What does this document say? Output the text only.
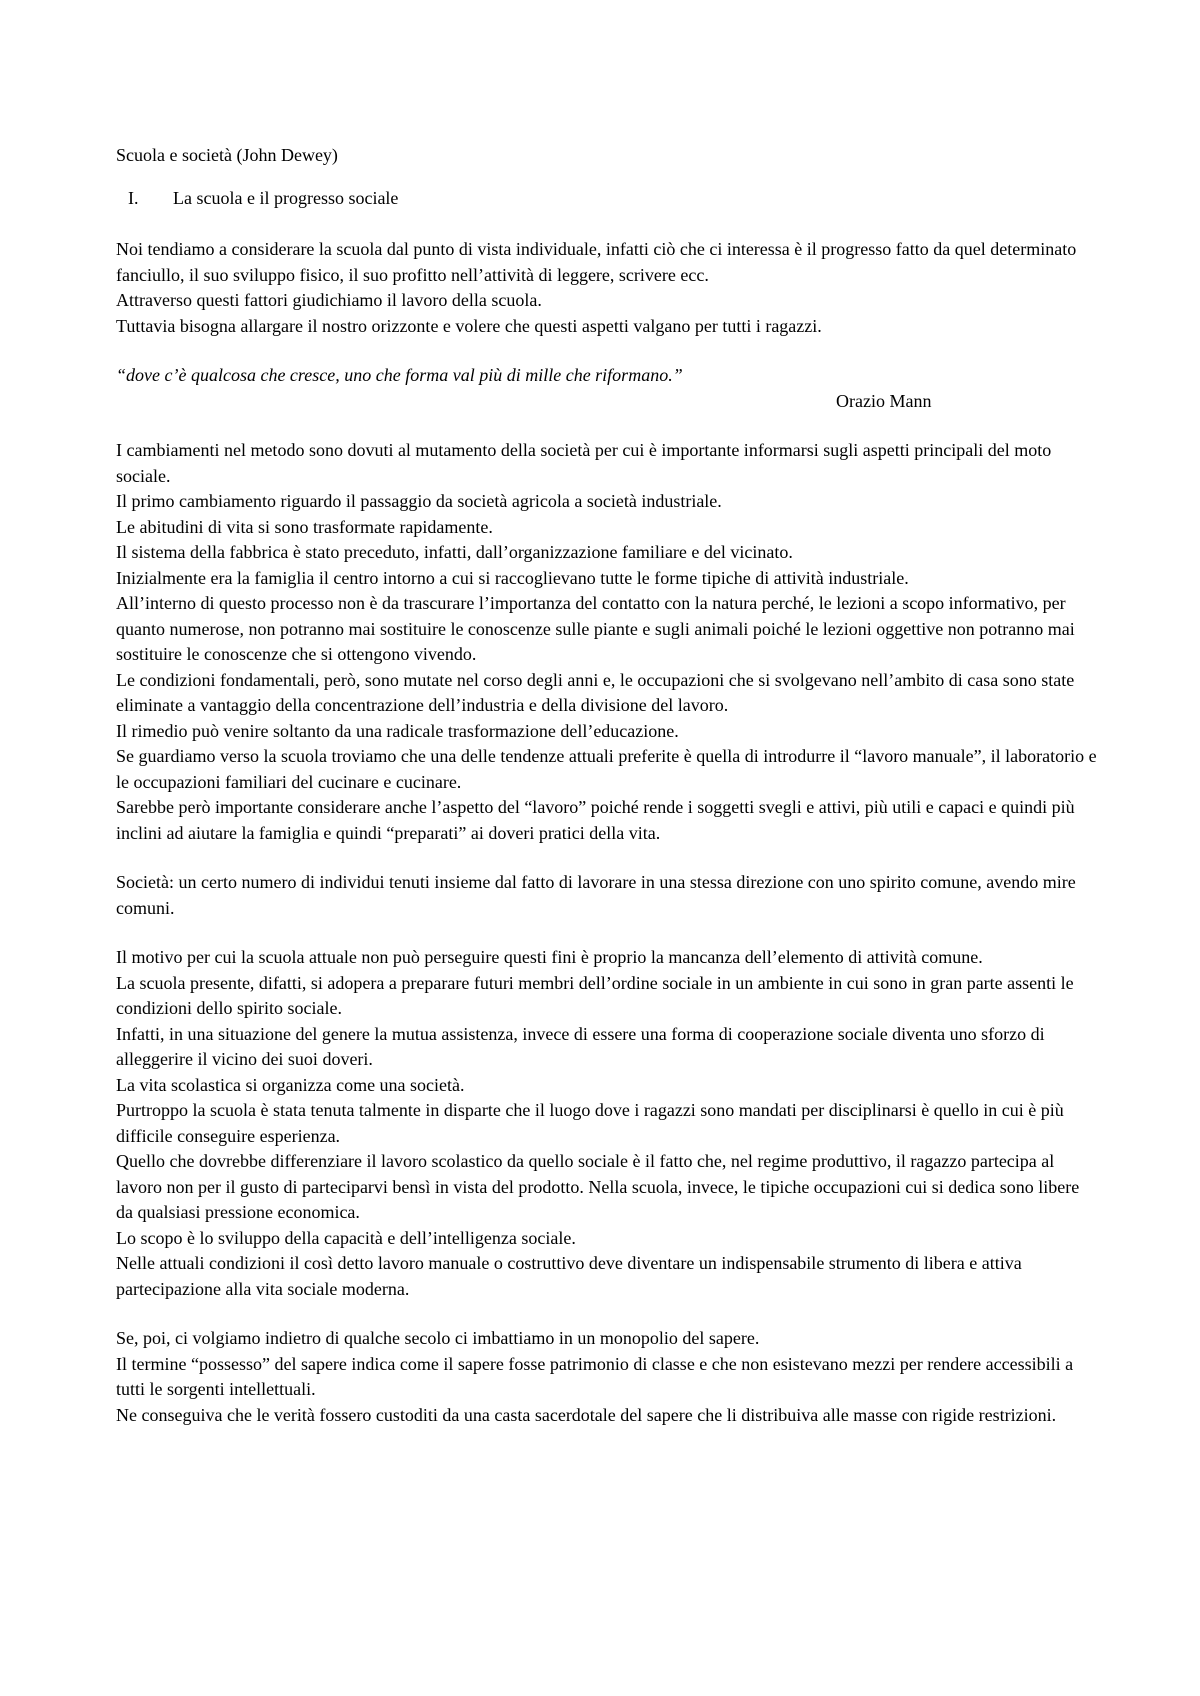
Scuola e società (John Dewey)

I.	La scuola e il progresso sociale

Noi tendiamo a considerare la scuola dal punto di vista individuale, infatti ciò che ci interessa è il progresso fatto da quel determinato fanciullo, il suo sviluppo fisico, il suo profitto nell’attività di leggere, scrivere ecc.

Attraverso questi fattori giudichiamo il lavoro della scuola.

Tuttavia bisogna allargare il nostro orizzonte e volere che questi aspetti valgano per tutti i ragazzi.

“dove c’è qualcosa che cresce, uno che forma val più di mille che riformano.”

Orazio Mann

I cambiamenti nel metodo sono dovuti al mutamento della società per cui è importante informarsi sugli aspetti principali del moto sociale.

Il primo cambiamento riguardo il passaggio da società agricola a società industriale.

Le abitudini di vita si sono trasformate rapidamente.

Il sistema della fabbrica è stato preceduto, infatti, dall’organizzazione familiare e del vicinato.

Inizialmente era la famiglia il centro intorno a cui si raccoglievano tutte le forme tipiche di attività industriale.

All’interno di questo processo non è da trascurare l’importanza del contatto con la natura perché, le lezioni a scopo informativo, per quanto numerose, non potranno mai sostituire le conoscenze sulle piante e sugli animali poiché le lezioni oggettive non potranno mai sostituire le conoscenze che si ottengono vivendo.

Le condizioni fondamentali, però, sono mutate nel corso degli anni e, le occupazioni che si svolgevano nell’ambito di casa sono state eliminate a vantaggio della concentrazione dell’industria e della divisione del lavoro.

Il rimedio può venire soltanto da una radicale trasformazione dell’educazione.

Se guardiamo verso la scuola troviamo che una delle tendenze attuali preferite è quella di introdurre il “lavoro manuale”, il laboratorio e le occupazioni familiari del cucinare e cucinare.

Sarebbe però importante considerare anche l’aspetto del “lavoro” poiché rende i soggetti svegli e attivi, più utili e capaci e quindi più inclini ad aiutare la famiglia e quindi “preparati” ai doveri pratici della vita.

Società: un certo numero di individui tenuti insieme dal fatto di lavorare in una stessa direzione con uno spirito comune, avendo mire comuni.

Il motivo per cui la scuola attuale non può perseguire questi fini è proprio la mancanza dell’elemento di attività comune.

La scuola presente, difatti, si adopera a preparare futuri membri dell’ordine sociale in un ambiente in cui sono in gran parte assenti le condizioni dello spirito sociale.

Infatti, in una situazione del genere la mutua assistenza, invece di essere una forma di cooperazione sociale diventa uno sforzo di alleggerire il vicino dei suoi doveri.

La vita scolastica si organizza come una società.

Purtroppo la scuola è stata tenuta talmente in disparte che il luogo dove i ragazzi sono mandati per disciplinarsi è quello in cui è più difficile conseguire esperienza.

Quello che dovrebbe differenziare il lavoro scolastico da quello sociale è il fatto che, nel regime produttivo, il ragazzo partecipa al lavoro non per il gusto di parteciparvi bensì in vista del prodotto. Nella scuola, invece, le tipiche occupazioni cui si dedica sono libere da qualsiasi pressione economica.

Lo scopo è lo sviluppo della capacità e dell’intelligenza sociale.

Nelle attuali condizioni il così detto lavoro manuale o costruttivo deve diventare un indispensabile strumento di libera e attiva partecipazione alla vita sociale moderna.

Se, poi, ci volgiamo indietro di qualche secolo ci imbattiamo in un monopolio del sapere.

Il termine “possesso” del sapere indica come il sapere fosse patrimonio di classe e che non esistevano mezzi per rendere accessibili a tutti le sorgenti intellettuali.

Ne conseguiva che le verità fossero custoditi da una casta sacerdotale del sapere che li distribuiva alle masse con rigide restrizioni.
